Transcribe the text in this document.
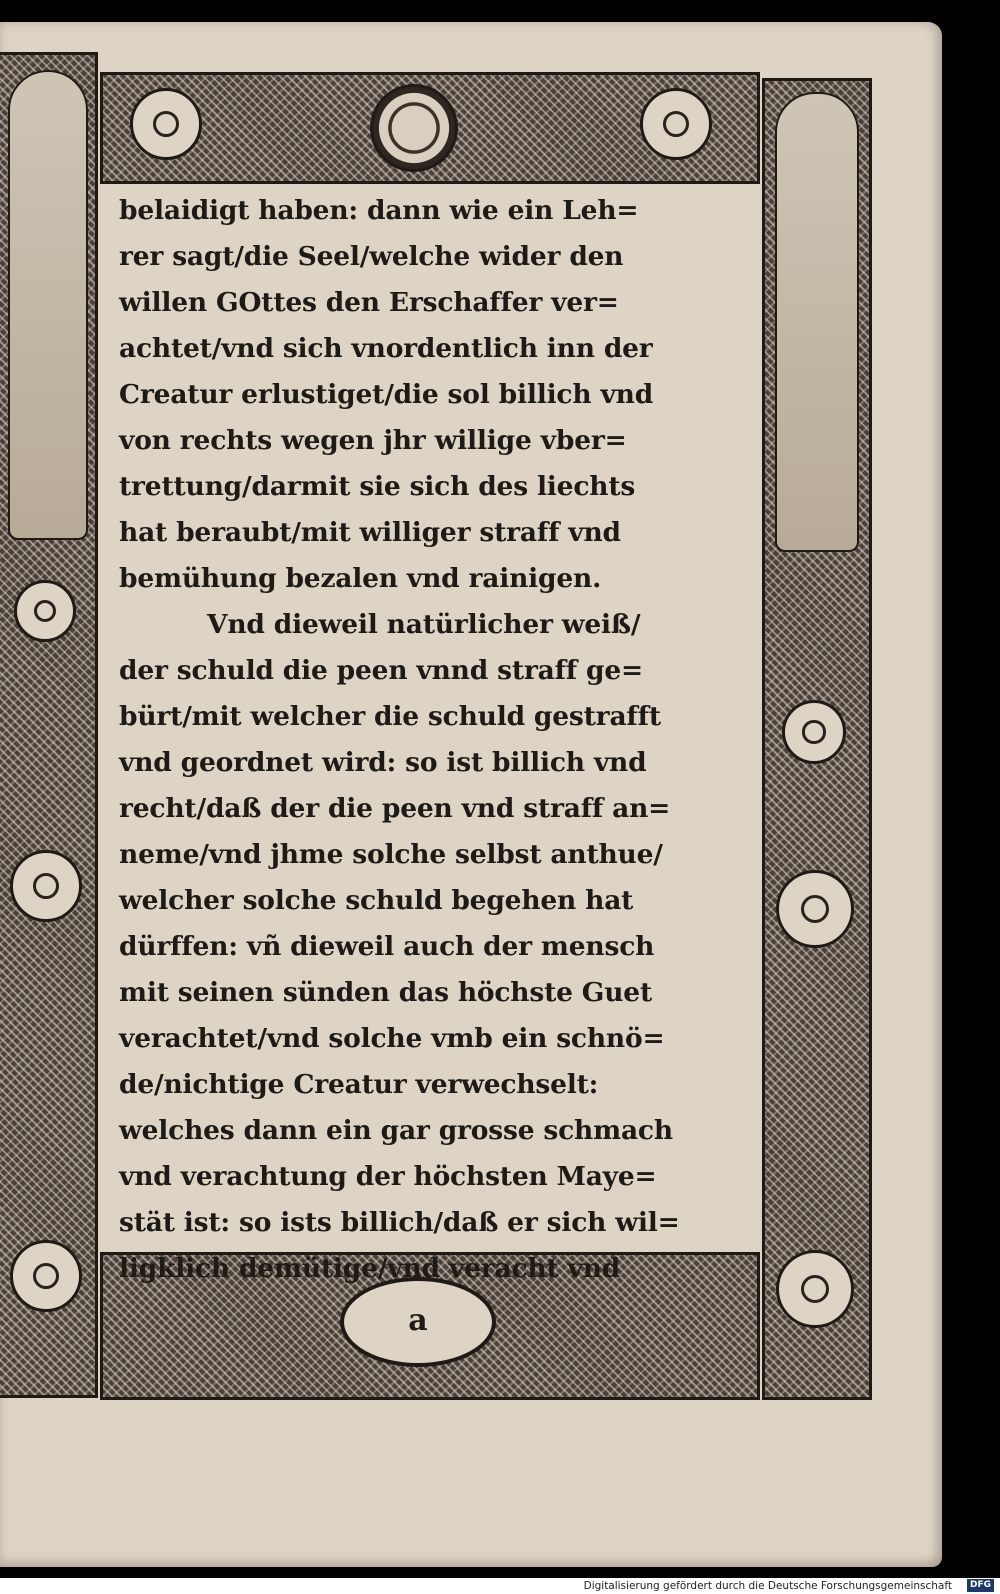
a
belaidigt haben: dann wie ein Leh=
rer sagt/die Seel/welche wider den
willen GOttes den Erschaffer ver=
achtet/vnd sich vnordentlich inn der
Creatur erlustiget/die sol billich vnd
von rechts wegen jhr willige vber=
trettung/darmit sie sich des liechts
hat beraubt/mit williger straff vnd
bemühung bezalen vnd rainigen.
Vnd dieweil natürlicher weiß/
der schuld die peen vnnd straff ge=
bürt/mit welcher die schuld gestrafft
vnd geordnet wird: so ist billich vnd
recht/daß der die peen vnd straff an=
neme/vnd jhme solche selbst anthue/
welcher solche schuld begehen hat
dürffen: vñ dieweil auch der mensch
mit seinen sünden das höchste Guet
verachtet/vnd solche vmb ein schnö=
de/nichtige Creatur verwechselt:
welches dann ein gar grosse schmach
vnd verachtung der höchsten Maye=
stät ist: so ists billich/daß er sich wil=
ligklich demütige/vnd veracht vnd
Digitalisierung gefördert durch die Deutsche Forschungsgemeinschaft	DFG
